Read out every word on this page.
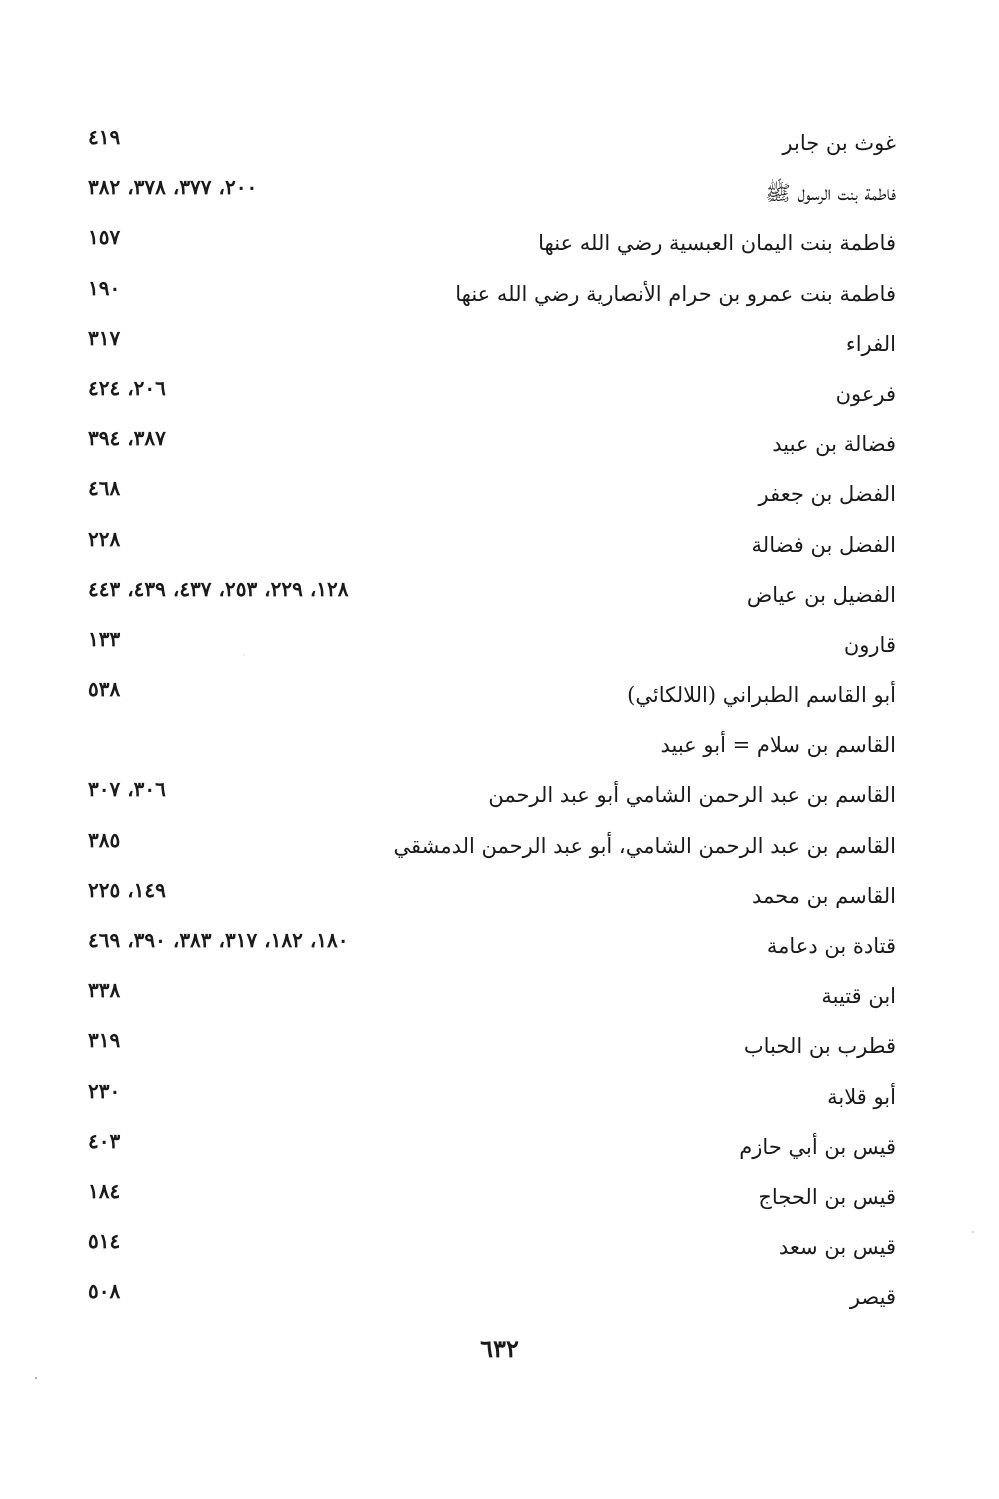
غوث بن جابر
٤١٩
فاطمة بنت الرسول ﷺ
٢٠٠، ٣٧٧، ٣٧٨، ٣٨٢
فاطمة بنت اليمان العبسية رضي الله عنها
١٥٧
فاطمة بنت عمرو بن حرام الأنصارية رضي الله عنها
١٩٠
الفراء
٣١٧
فرعون
٢٠٦، ٤٢٤
فضالة بن عبيد
٣٨٧، ٣٩٤
الفضل بن جعفر
٤٦٨
الفضل بن فضالة
٢٢٨
الفضيل بن عياض
١٢٨، ٢٢٩، ٢٥٣، ٤٣٧، ٤٣٩، ٤٤٣
قارون
١٣٣
أبو القاسم الطبراني (اللالكائي)
٥٣٨
القاسم بن سلام = أبو عبيد
القاسم بن عبد الرحمن الشامي أبو عبد الرحمن
٣٠٦، ٣٠٧
القاسم بن عبد الرحمن الشامي، أبو عبد الرحمن الدمشقي
٣٨٥
القاسم بن محمد
١٤٩، ٢٢٥
قتادة بن دعامة
١٨٠، ١٨٢، ٣١٧، ٣٨٣، ٣٩٠، ٤٦٩
ابن قتيبة
٣٣٨
قطرب بن الحباب
٣١٩
أبو قلابة
٢٣٠
قيس بن أبي حازم
٤٠٣
قيس بن الحجاج
١٨٤
قيس بن سعد
٥١٤
قيصر
٥٠٨
٦٣٢
